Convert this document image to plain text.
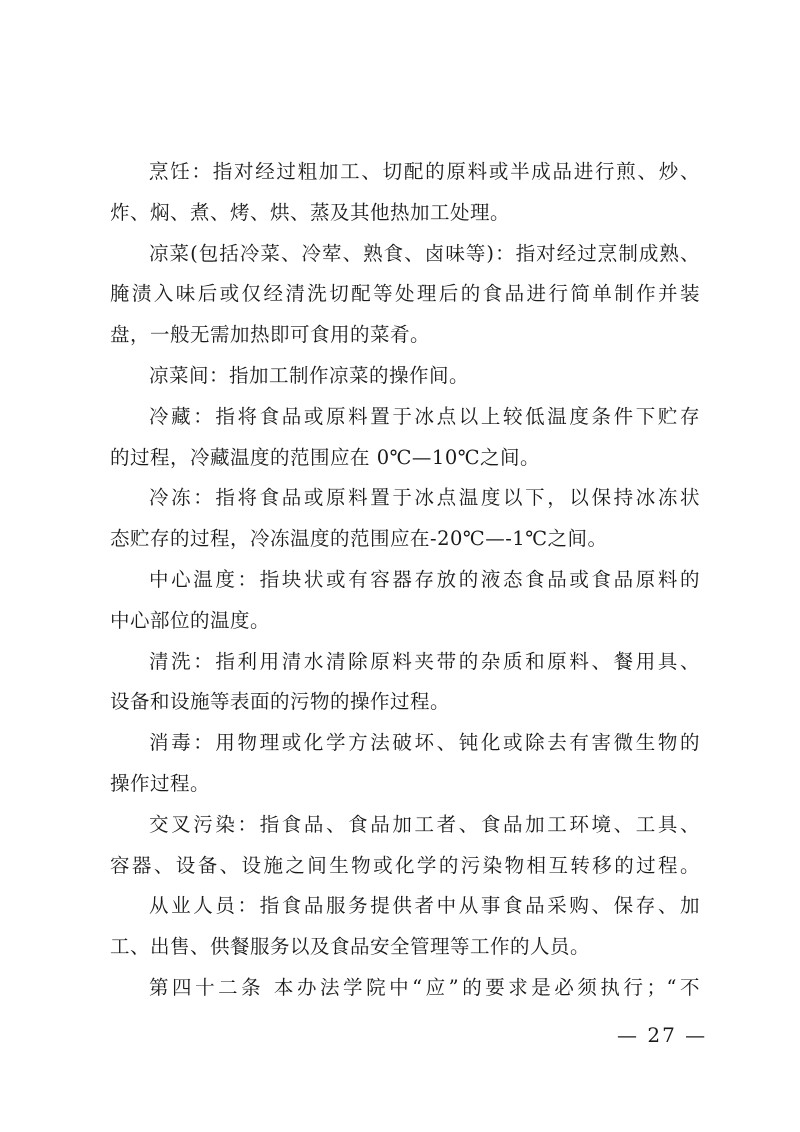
烹饪：指对经过粗加工、切配的原料或半成品进行煎、炒、
炸、焖、煮、烤、烘、蒸及其他热加工处理。
凉菜(包括冷菜、冷荤、熟食、卤味等)：指对经过烹制成熟、
腌渍入味后或仅经清洗切配等处理后的食品进行简单制作并装
盘，一般无需加热即可食用的菜肴。
凉菜间：指加工制作凉菜的操作间。
冷藏：指将食品或原料置于冰点以上较低温度条件下贮存
的过程，冷藏温度的范围应在 0℃—10℃之间。
冷冻：指将食品或原料置于冰点温度以下，以保持冰冻状
态贮存的过程，冷冻温度的范围应在-20℃—-1℃之间。
中心温度：指块状或有容器存放的液态食品或食品原料的
中心部位的温度。
清洗：指利用清水清除原料夹带的杂质和原料、餐用具、
设备和设施等表面的污物的操作过程。
消毒：用物理或化学方法破坏、钝化或除去有害微生物的
操作过程。
交叉污染：指食品、食品加工者、食品加工环境、工具、
容器、设备、设施之间生物或化学的污染物相互转移的过程。
从业人员：指食品服务提供者中从事食品采购、保存、加
工、出售、供餐服务以及食品安全管理等工作的人员。
第四十二条 本办法学院中“应”的要求是必须执行；“不
— 27 —
